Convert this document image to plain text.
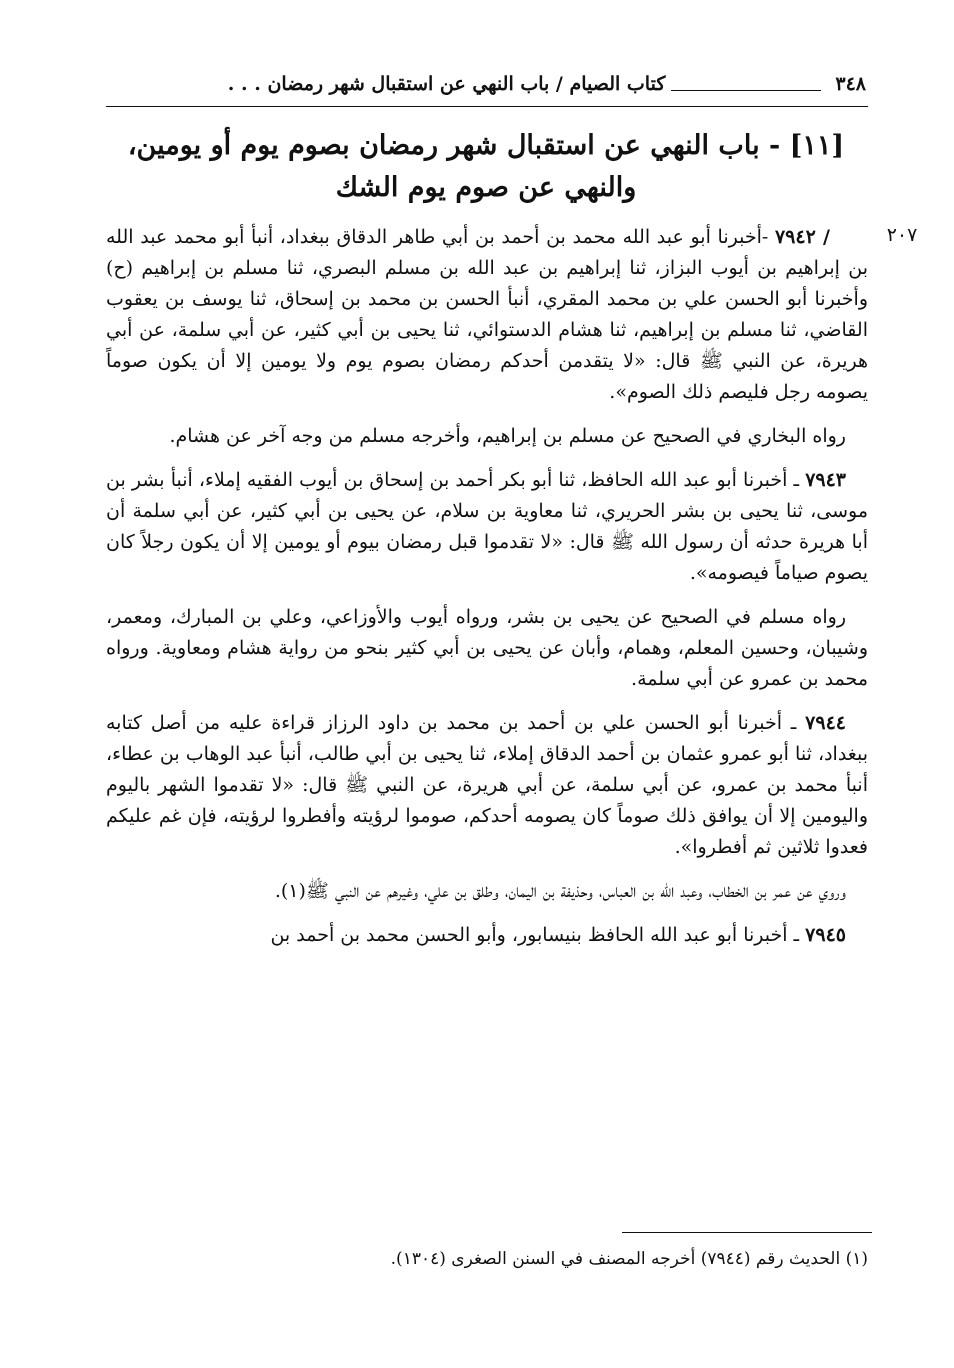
٣٤٨
كتاب الصيام / باب النهي عن استقبال شهر رمضان . . .
[١١] - باب النهي عن استقبال شهر رمضان بصوم يوم أو يومين، والنهي عن صوم يوم الشك
٢٠٧

/ ٧٩٤٢ -أخبرنا أبو عبد الله محمد بن أحمد بن أبي طاهر الدقاق ببغداد، أنبأ أبو محمد عبد الله بن إبراهيم بن أيوب البزاز، ثنا إبراهيم بن عبد الله بن مسلم البصري، ثنا مسلم بن إبراهيم (ح) وأخبرنا أبو الحسن علي بن محمد المقري، أنبأ الحسن بن محمد بن إسحاق، ثنا يوسف بن يعقوب القاضي، ثنا مسلم بن إبراهيم، ثنا هشام الدستوائي، ثنا يحيى بن أبي كثير، عن أبي سلمة، عن أبي هريرة، عن النبي ﷺ قال: «لا يتقدمن أحدكم رمضان بصوم يوم ولا يومين إلا أن يكون صوماً يصومه رجل فليصم ذلك الصوم».

رواه البخاري في الصحيح عن مسلم بن إبراهيم، وأخرجه مسلم من وجه آخر عن هشام.

٧٩٤٣ ـ أخبرنا أبو عبد الله الحافظ، ثنا أبو بكر أحمد بن إسحاق بن أيوب الفقيه إملاء، أنبأ بشر بن موسى، ثنا يحيى بن بشر الحريري، ثنا معاوية بن سلام، عن يحيى بن أبي كثير، عن أبي سلمة أن أبا هريرة حدثه أن رسول الله ﷺ قال: «لا تقدموا قبل رمضان بيوم أو يومين إلا أن يكون رجلاً كان يصوم صياماً فيصومه».

رواه مسلم في الصحيح عن يحيى بن بشر، ورواه أيوب والأوزاعي، وعلي بن المبارك، ومعمر، وشيبان، وحسين المعلم، وهمام، وأبان عن يحيى بن أبي كثير بنحو من رواية هشام ومعاوية. ورواه محمد بن عمرو عن أبي سلمة.

٧٩٤٤ ـ أخبرنا أبو الحسن علي بن أحمد بن محمد بن داود الرزاز قراءة عليه من أصل كتابه ببغداد، ثنا أبو عمرو عثمان بن أحمد الدقاق إملاء، ثنا يحيى بن أبي طالب، أنبأ عبد الوهاب بن عطاء، أنبأ محمد بن عمرو، عن أبي سلمة، عن أبي هريرة، عن النبي ﷺ قال: «لا تقدموا الشهر باليوم واليومين إلا أن يوافق ذلك صوماً كان يصومه أحدكم، صوموا لرؤيته وأفطروا لرؤيته، فإن غم عليكم فعدوا ثلاثين ثم أفطروا».

وروي عن عمر بن الخطاب، وعبد الله بن العباس، وحذيفة بن اليمان، وطلق بن علي، وغيرهم عن النبي ﷺ(١).

٧٩٤٥ ـ أخبرنا أبو عبد الله الحافظ بنيسابور، وأبو الحسن محمد بن أحمد بن

(١) الحديث رقم (٧٩٤٤) أخرجه المصنف في السنن الصغرى (١٣٠٤).
